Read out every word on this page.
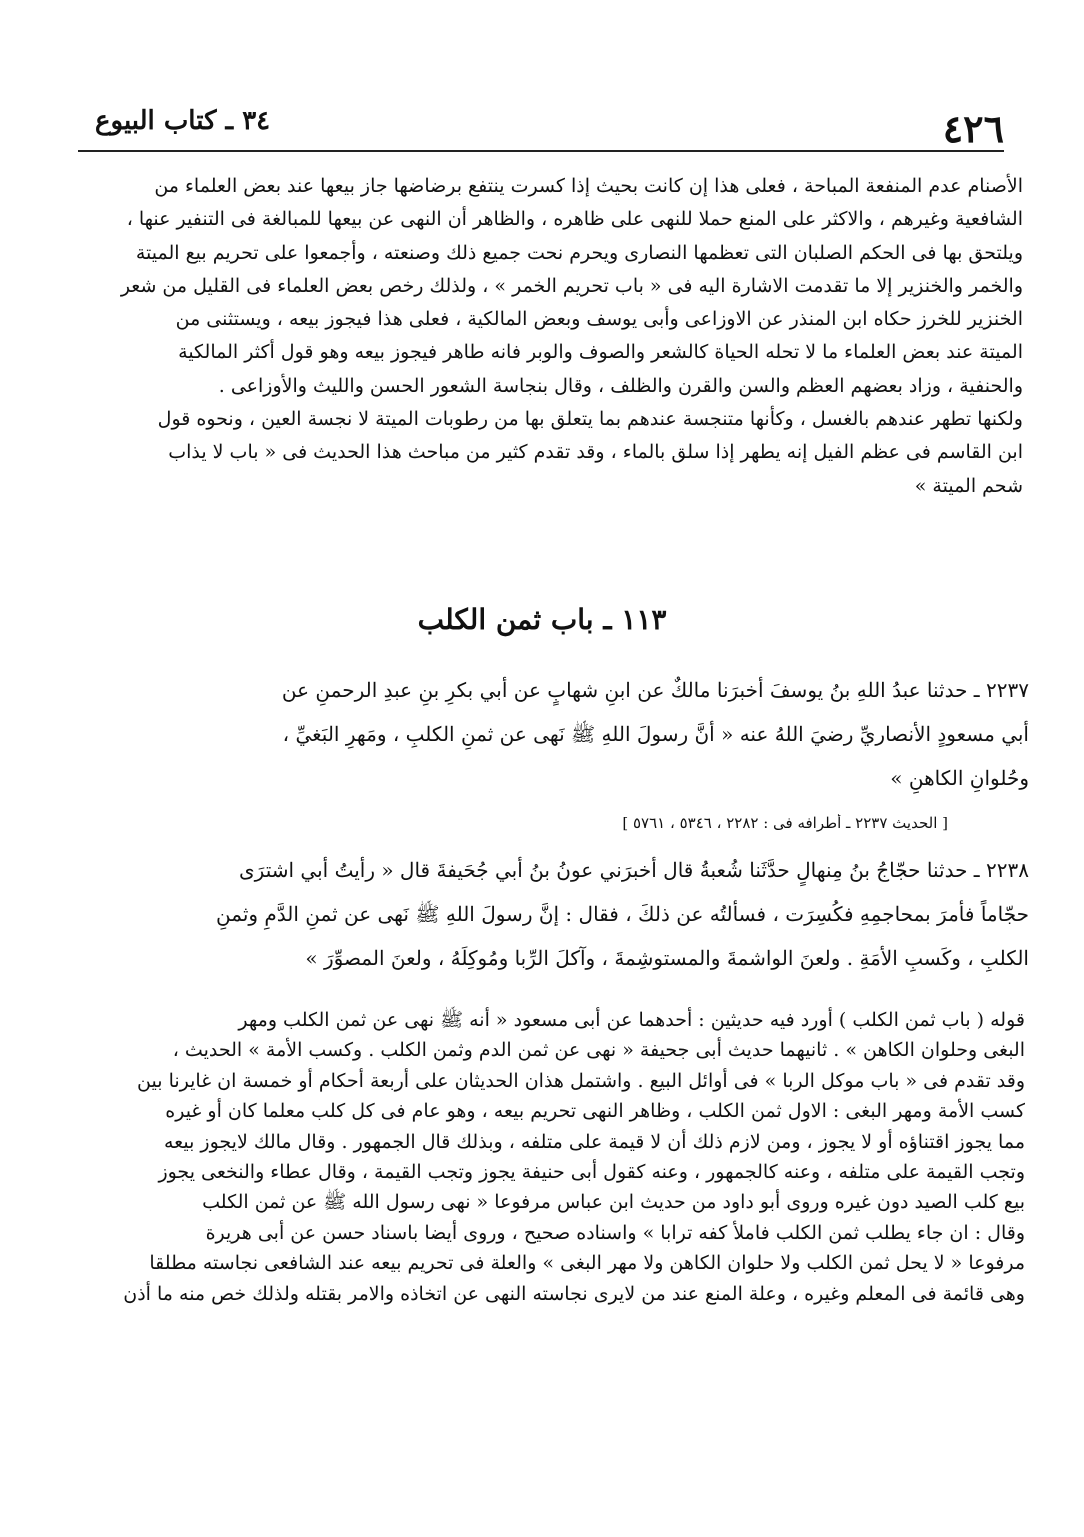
٤٢٦
٣٤ ـ كتاب البيوع
الأصنام عدم المنفعة المباحة ، فعلى هذا إن كانت بحيث إذا كسرت ينتفع برضاضها جاز بيعها عند بعض العلماء من
الشافعية وغيرهم ، والاكثر على المنع حملا للنهى على ظاهره ، والظاهر أن النهى عن بيعها للمبالغة فى التنفير عنها ،
ويلتحق بها فى الحكم الصلبان التى تعظمها النصارى ويحرم نحت جميع ذلك وصنعته ، وأجمعوا على تحريم بيع الميتة
والخمر والخنزير إلا ما تقدمت الاشارة اليه فى « باب تحريم الخمر » ، ولذلك رخص بعض العلماء فى القليل من شعر
الخنزير للخرز حكاه ابن المنذر عن الاوزاعى وأبى يوسف وبعض المالكية ، فعلى هذا فيجوز بيعه ، ويستثنى من
الميتة عند بعض العلماء ما لا تحله الحياة كالشعر والصوف والوبر فانه طاهر فيجوز بيعه وهو قول أكثر المالكية
والحنفية ، وزاد بعضهم العظم والسن والقرن والظلف ، وقال بنجاسة الشعور الحسن والليث والأوزاعى .
ولكنها تطهر عندهم بالغسل ، وكأنها متنجسة عندهم بما يتعلق بها من رطوبات الميتة لا نجسة العين ، ونحوه قول
ابن القاسم فى عظم الفيل إنه يطهر إذا سلق بالماء ، وقد تقدم كثير من مباحث هذا الحديث فى « باب لا يذاب
شحم الميتة »
١١٣ ـ باب ثمن الكلب
٢٢٣٧ ـ حدثنا عبدُ اللهِ بنُ يوسفَ أخبرَنا مالكٌ عن ابنِ شهابٍ عن أبي بكرِ بنِ عبدِ الرحمنِ عن
أبي مسعودٍ الأنصاريِّ رضيَ اللهُ عنه « أنَّ رسولَ اللهِ ﷺ نَهى عن ثمنِ الكلبِ ، ومَهرِ البَغيِّ ،
وحُلوانِ الكاهنِ »
[ الحديث ٢٢٣٧ ـ أطرافه فى : ٢٢٨٢ ، ٥٣٤٦ ، ٥٧٦١ ]
٢٢٣٨ ـ حدثنا حجّاجُ بنُ مِنهالٍ حدَّثَنا شُعبةُ قال أخبرَني عونُ بنُ أبي جُحَيفةَ قال « رأيتُ أبي اشترَى
حجّاماً فأمرَ بمحاجمِهِ فكُسِرَت ، فسألتُه عن ذلكَ ، فقال : إنَّ رسولَ اللهِ ﷺ نَهى عن ثمنِ الدَّمِ وثمنِ
الكلبِ ، وكَسبِ الأمَةِ . ولعنَ الواشمةَ والمستوشِمةَ ، وآكلَ الرِّبا ومُوكِلَهُ ، ولعنَ المصوِّرَ »
قوله ( باب ثمن الكلب ) أورد فيه حديثين : أحدهما عن أبى مسعود « أنه ﷺ نهى عن ثمن الكلب ومهر
البغى وحلوان الكاهن » . ثانيهما حديث أبى جحيفة « نهى عن ثمن الدم وثمن الكلب . وكسب الأمة » الحديث ،
وقد تقدم فى « باب موكل الربا » فى أوائل البيع . واشتمل هذان الحديثان على أربعة أحكام أو خمسة ان غايرنا بين
كسب الأمة ومهر البغى : الاول ثمن الكلب ، وظاهر النهى تحريم بيعه ، وهو عام فى كل كلب معلما كان أو غيره
مما يجوز اقتناؤه أو لا يجوز ، ومن لازم ذلك أن لا قيمة على متلفه ، وبذلك قال الجمهور . وقال مالك لايجوز بيعه
وتجب القيمة على متلفه ، وعنه كالجمهور ، وعنه كقول أبى حنيفة يجوز وتجب القيمة ، وقال عطاء والنخعى يجوز
بيع كلب الصيد دون غيره وروى أبو داود من حديث ابن عباس مرفوعا « نهى رسول الله ﷺ عن ثمن الكلب
وقال : ان جاء يطلب ثمن الكلب فاملأ كفه ترابا » واسناده صحيح ، وروى أيضا باسناد حسن عن أبى هريرة
مرفوعا « لا يحل ثمن الكلب ولا حلوان الكاهن ولا مهر البغى » والعلة فى تحريم بيعه عند الشافعى نجاسته مطلقا
وهى قائمة فى المعلم وغيره ، وعلة المنع عند من لايرى نجاسته النهى عن اتخاذه والامر بقتله ولذلك خص منه ما أذن
